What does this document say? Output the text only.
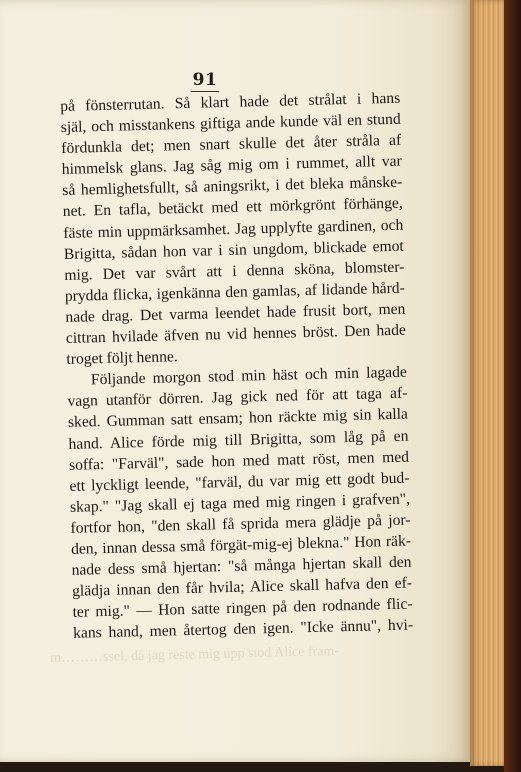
91
på fönsterrutan. Så klart hade det strålat i hans
själ, och misstankens giftiga ande kunde väl en stund
fördunkla det; men snart skulle det åter stråla af
himmelsk glans. Jag såg mig om i rummet, allt var
så hemlighetsfullt, så aningsrikt, i det bleka månske-
net. En tafla, betäckt med ett mörkgrönt förhänge,
fäste min uppmärksamhet. Jag upplyfte gardinen, och
Brigitta, sådan hon var i sin ungdom, blickade emot
mig. Det var svårt att i denna sköna, blomster-
prydda flicka, igenkänna den gamlas, af lidande hård-
nade drag. Det varma leendet hade frusit bort, men
cittran hvilade äfven nu vid hennes bröst. Den hade
troget följt henne.
Följande morgon stod min häst och min lagade
vagn utanför dörren. Jag gick ned för att taga af-
sked. Gumman satt ensam; hon räckte mig sin kalla
hand. Alice förde mig till Brigitta, som låg på en
soffa: "Farväl", sade hon med matt röst, men med
ett lyckligt leende, "farväl, du var mig ett godt bud-
skap." "Jag skall ej taga med mig ringen i grafven",
fortfor hon, "den skall få sprida mera glädje på jor-
den, innan dessa små förgät-mig-ej blekna." Hon räk-
nade dess små hjertan: "så många hjertan skall den
glädja innan den får hvila; Alice skall hafva den ef-
ter mig." — Hon satte ringen på den rodnande flic-
kans hand, men återtog den igen. "Icke ännu", hvi-
m………ssel, då jag reste mig upp stod Alice fram-
